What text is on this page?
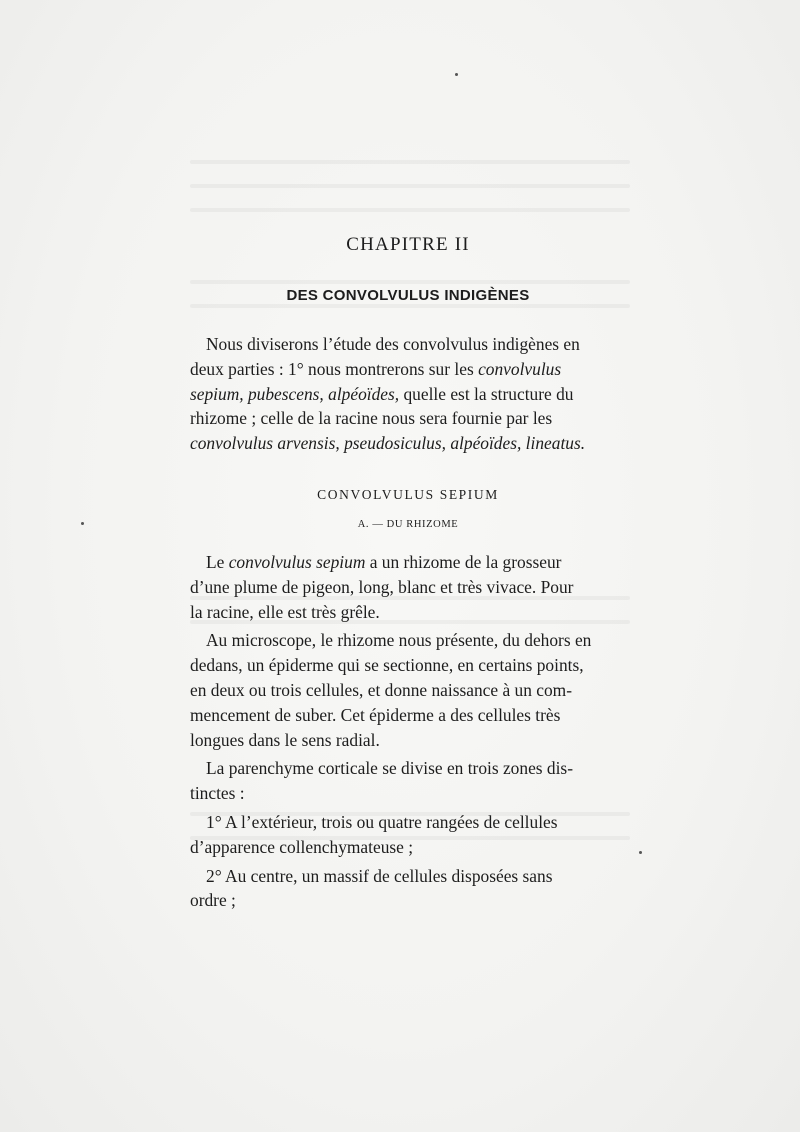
CHAPITRE II

DES CONVOLVULUS INDIGÈNES

Nous diviserons l’étude des convolvulus indigènes en
deux parties : 1° nous montrerons sur les convolvulus
sepium, pubescens, alpéoïdes, quelle est la structure du
rhizome ; celle de la racine nous sera fournie par les
convolvulus arvensis, pseudosiculus, alpéoïdes, lineatus.

CONVOLVULUS SEPIUM

A. — DU RHIZOME

Le convolvulus sepium a un rhizome de la grosseur
d’une plume de pigeon, long, blanc et très vivace. Pour
la racine, elle est très grêle.

Au microscope, le rhizome nous présente, du dehors en
dedans, un épiderme qui se sectionne, en certains points,
en deux ou trois cellules, et donne naissance à un com-
mencement de suber. Cet épiderme a des cellules très
longues dans le sens radial.

La parenchyme corticale se divise en trois zones dis-
tinctes :

1° A l’extérieur, trois ou quatre rangées de cellules
d’apparence collenchymateuse ;

2° Au centre, un massif de cellules disposées sans
ordre ;
